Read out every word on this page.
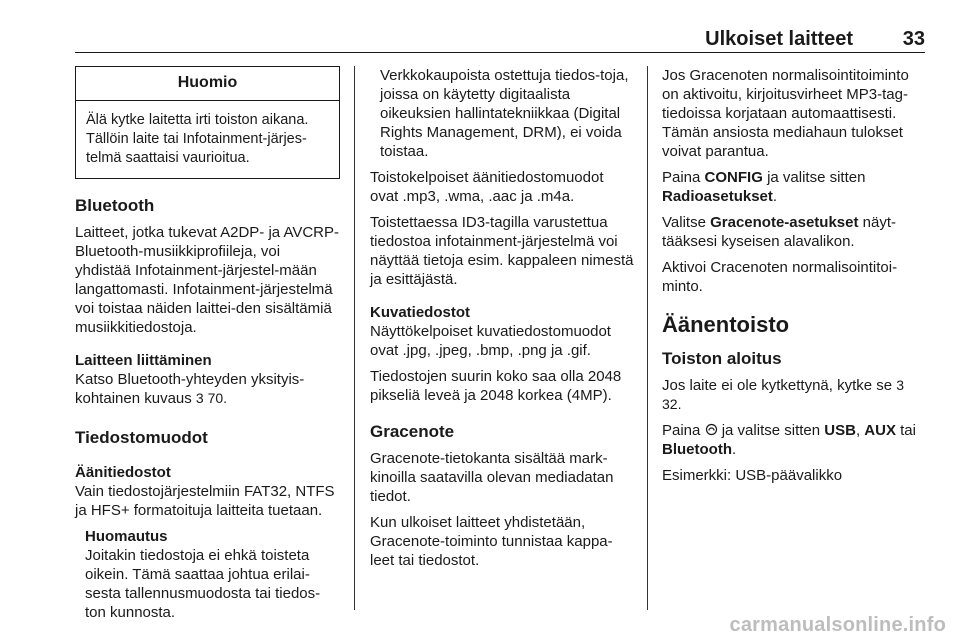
Ulkoiset laitteet 33
Huomio
Älä kytke laitetta irti toiston aikana. Tällöin laite tai Infotainment-järjes-telmä saattaisi vaurioitua.
Bluetooth

Laitteet, jotka tukevat A2DP- ja AVCRP-Bluetooth-musiikkiprofiileja, voi yhdistää Infotainment-järjestel-mään langattomasti. Infotainment-järjestelmä voi toistaa näiden laittei-den sisältämiä musiikkitiedostoja.

Laitteen liittäminen

Katso Bluetooth-yhteyden yksityis-kohtainen kuvaus 3 70.

Tiedostomuodot
Äänitiedostot

Vain tiedostojärjestelmiin FAT32, NTFS ja HFS+ formatoituja laitteita tuetaan.

Huomautus

Joitakin tiedostoja ei ehkä toisteta oikein. Tämä saattaa johtua erilai-sesta tallennusmuodosta tai tiedos-ton kunnosta.

Verkkokaupoista ostettuja tiedos-toja, joissa on käytetty digitaalista oikeuksien hallintatekniikkaa (Digital Rights Management, DRM), ei voida toistaa.

Toistokelpoiset äänitiedostomuodot ovat .mp3, .wma, .aac ja .m4a.

Toistettaessa ID3-tagilla varustettua tiedostoa infotainment-järjestelmä voi näyttää tietoja esim. kappaleen nimestä ja esittäjästä.

Kuvatiedostot

Näyttökelpoiset kuvatiedostomuodot ovat .jpg, .jpeg, .bmp, .png ja .gif.

Tiedostojen suurin koko saa olla 2048 pikseliä leveä ja 2048 korkea (4MP).

Gracenote

Gracenote-tietokanta sisältää mark-kinoilla saatavilla olevan mediadatan tiedot.

Kun ulkoiset laitteet yhdistetään, Gracenote-toiminto tunnistaa kappa-leet tai tiedostot.

Jos Gracenoten normalisointitoiminto on aktivoitu, kirjoitusvirheet MP3-tag-tiedoissa korjataan automaattisesti. Tämän ansiosta mediahaun tulokset voivat parantua.

Paina CONFIG ja valitse sitten Radioasetukset.

Valitse Gracenote-asetukset näyt-tääksesi kyseisen alavalikon.

Aktivoi Cracenoten normalisointitoi-minto.

Äänentoisto
Toiston aloitus

Jos laite ei ole kytkettynä, kytke se 3 32.

Paina ja valitse sitten USB, AUX tai Bluetooth.

Esimerkki: USB-päävalikko

carmanualsonline.info
